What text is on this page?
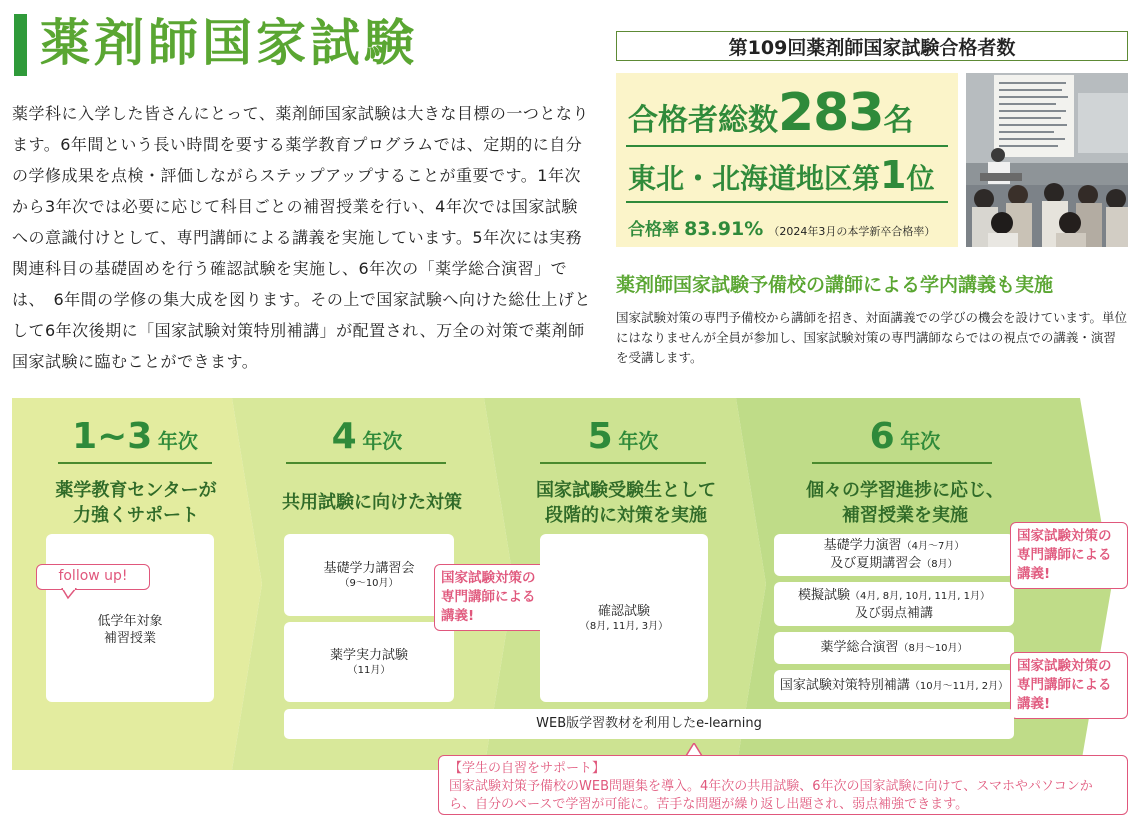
薬剤師国家試験

薬学科に入学した皆さんにとって、薬剤師国家試験は大きな目標の一つとなります。6年間という長い時間を要する薬学教育プログラムでは、定期的に自分の学修成果を点検・評価しながらステップアップすることが重要です。1年次から3年次では必要に応じて科目ごとの補習授業を行い、4年次では国家試験への意識付けとして、専門講師による講義を実施しています。5年次には実務関連科目の基礎固めを行う確認試験を実施し、6年次の「薬学総合演習」では、　6年間の学修の集大成を図ります。その上で国家試験へ向けた総仕上げとして6年次後期に「国家試験対策特別補講」が配置され、万全の対策で薬剤師国家試験に臨むことができます。

第109回薬剤師国家試験合格者数
合格者総数283名
東北・北海道地区第1位
合格率 83.91% （2024年3月の本学新卒合格率）
薬剤師国家試験予備校の講師による学内講義も実施

国家試験対策の専門予備校から講師を招き、対面講義での学びの機会を設けています。単位にはなりませんが全員が参加し、国家試験対策の専門講師ならではの視点での講義・演習を受講します。

1~3 年次
薬学教育センターが
力強くサポート
4 年次
共用試験に向けた対策
5 年次
国家試験受験生として
段階的に対策を実施
6 年次
個々の学習進捗に応じ、
補習授業を実施
低学年対象
補習授業
follow up!	基礎学力講習会
（9～10月）
薬学実力試験
（11月）
国家試験対策の
専門講師による
講義!	確認試験
（8月, 11月, 3月）
基礎学力演習（4月～7月）
及び夏期講習会（8月）
模擬試験（4月, 8月, 10月, 11月, 1月）
及び弱点補講
薬学総合演習（8月～10月）
国家試験対策特別補講（10月～11月, 2月）
国家試験対策の
専門講師による
講義!
国家試験対策の
専門講師による
講義!
WEB版学習教材を利用したe-learning
【学生の自習をサポート】
国家試験対策予備校のWEB問題集を導入。4年次の共用試験、6年次の国家試験に向けて、スマホやパソコンから、自分のペースで学習が可能に。苦手な問題が繰り返し出題され、弱点補強できます。
